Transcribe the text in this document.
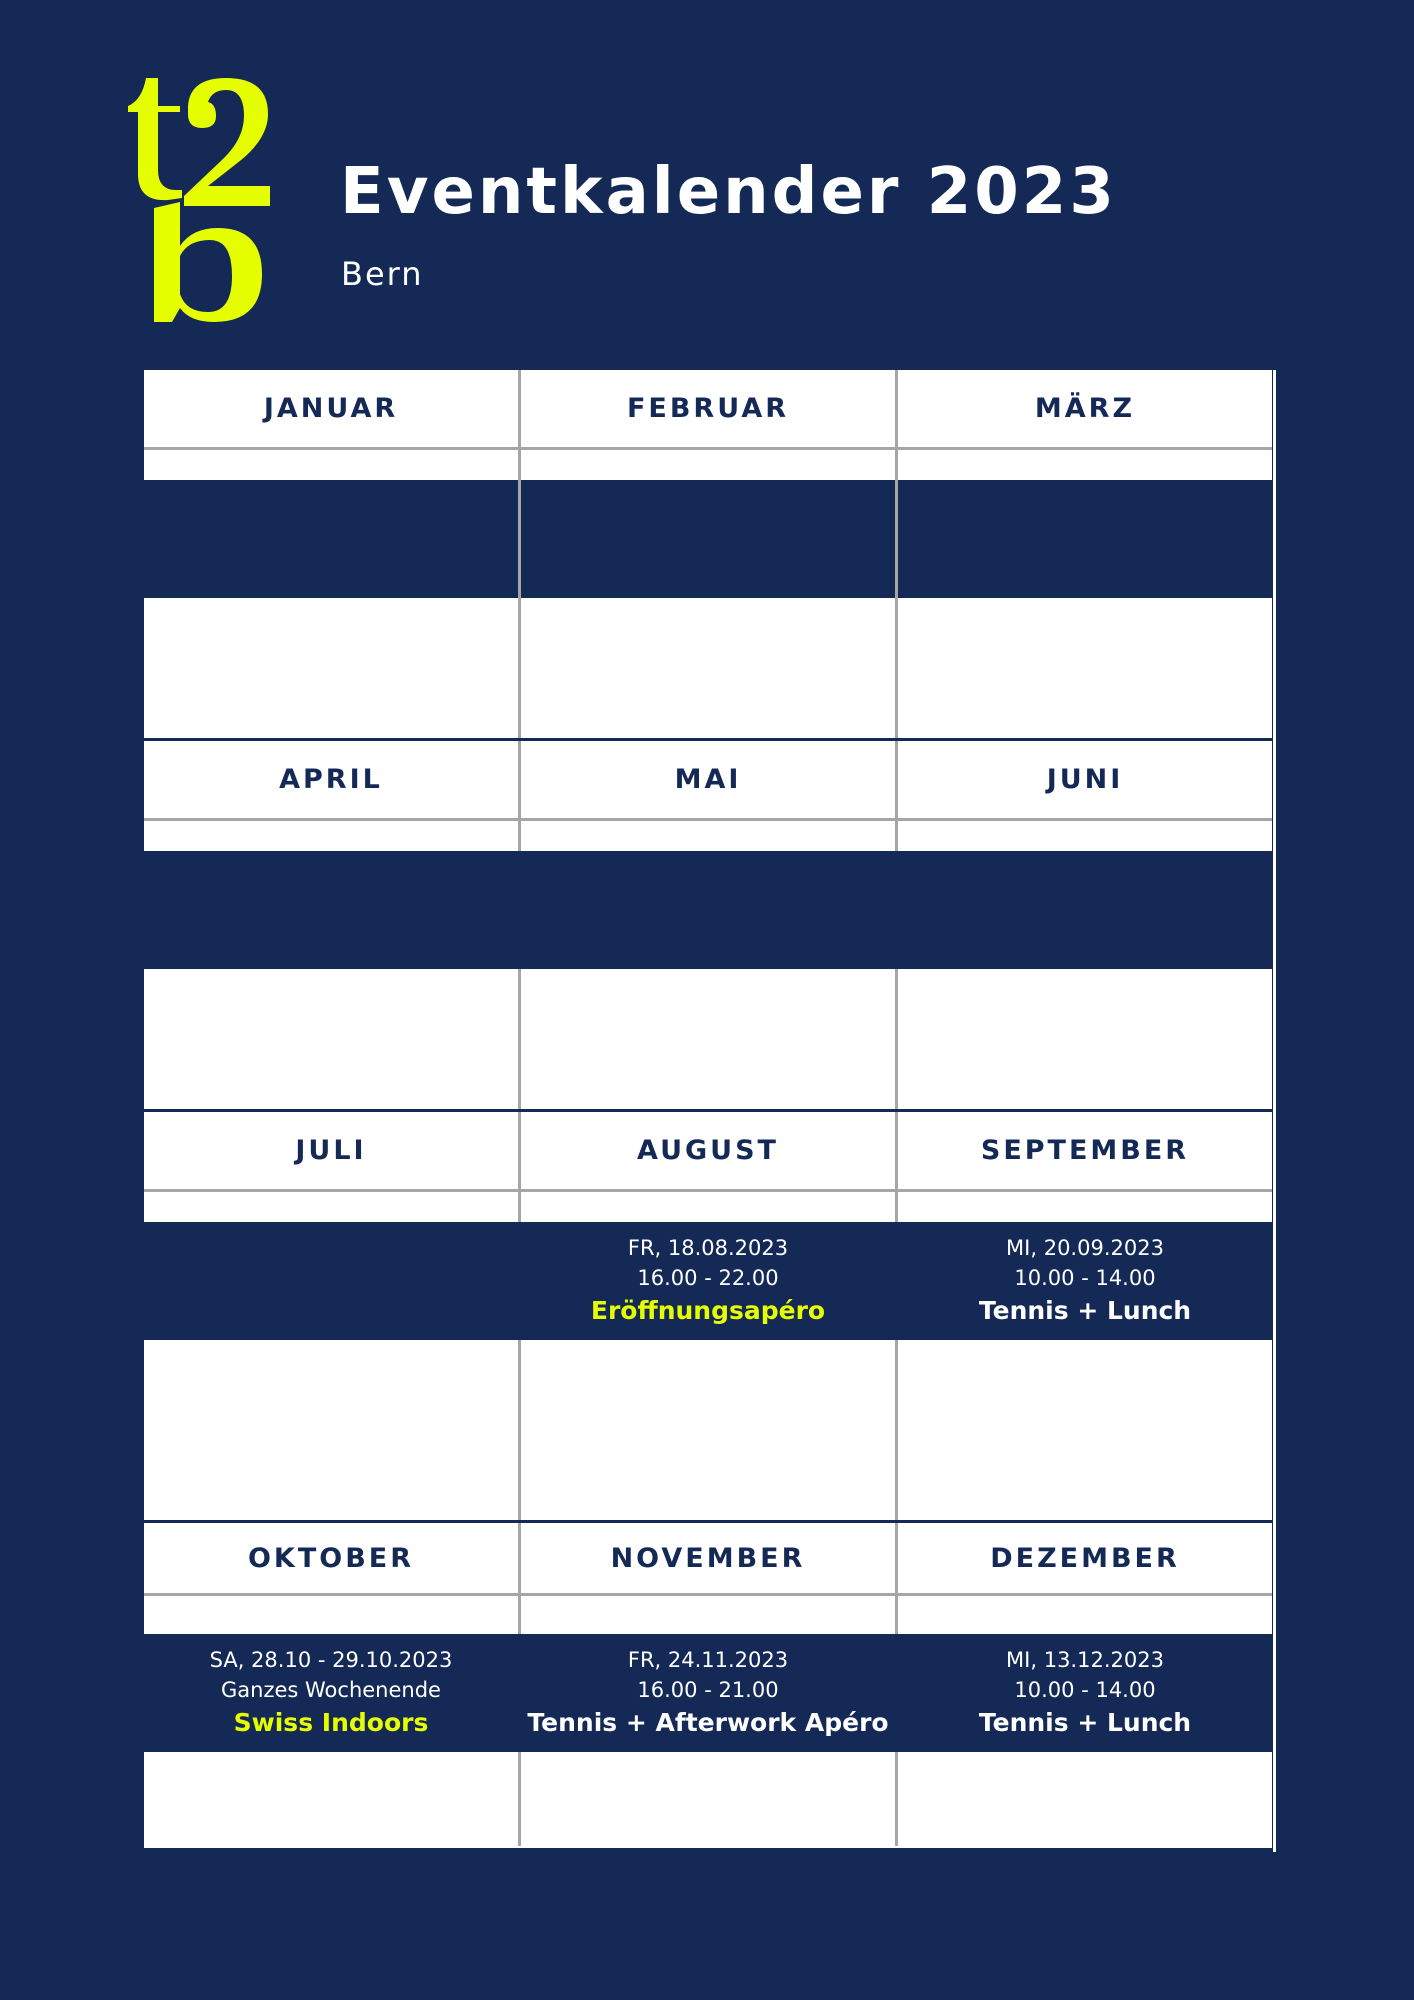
Eventkalender 2023
Bern
JANUAR	FEBRUAR	MÄRZ
APRIL	MAI	JUNI
JULI	AUGUST	SEPTEMBER
FR, 18.08.2023
16.00 - 22.00
Eröffnungsapéro
MI, 20.09.2023
10.00 - 14.00
Tennis + Lunch
OKTOBER	NOVEMBER	DEZEMBER
SA, 28.10 - 29.10.2023
Ganzes Wochenende
Swiss Indoors
FR, 24.11.2023
16.00 - 21.00
Tennis + Afterwork Apéro
MI, 13.12.2023
10.00 - 14.00
Tennis + Lunch
